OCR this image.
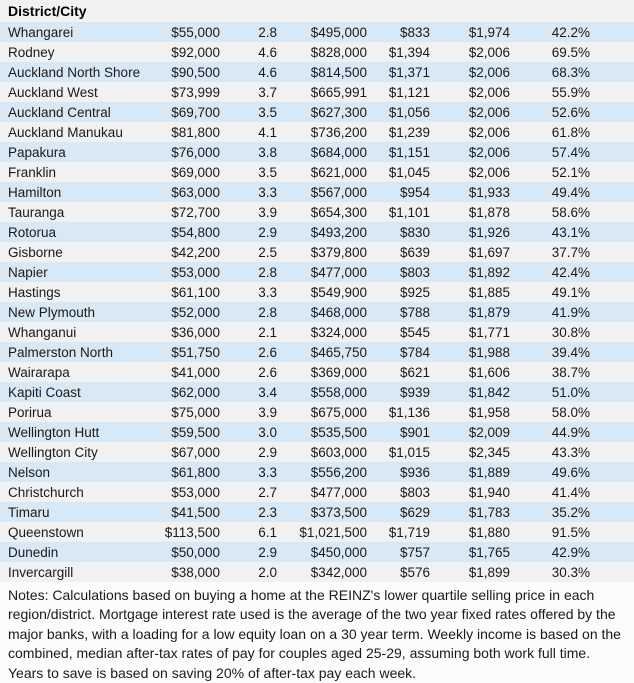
District/City							
Whangarei	$55,000	2.8	$495,000	$833	$1,974	42.2%	
Rodney	$92,000	4.6	$828,000	$1,394	$2,006	69.5%	
Auckland North Shore	$90,500	4.6	$814,500	$1,371	$2,006	68.3%	
Auckland West	$73,999	3.7	$665,991	$1,121	$2,006	55.9%	
Auckland Central	$69,700	3.5	$627,300	$1,056	$2,006	52.6%	
Auckland Manukau	$81,800	4.1	$736,200	$1,239	$2,006	61.8%	
Papakura	$76,000	3.8	$684,000	$1,151	$2,006	57.4%	
Franklin	$69,000	3.5	$621,000	$1,045	$2,006	52.1%	
Hamilton	$63,000	3.3	$567,000	$954	$1,933	49.4%	
Tauranga	$72,700	3.9	$654,300	$1,101	$1,878	58.6%	
Rotorua	$54,800	2.9	$493,200	$830	$1,926	43.1%	
Gisborne	$42,200	2.5	$379,800	$639	$1,697	37.7%	
Napier	$53,000	2.8	$477,000	$803	$1,892	42.4%	
Hastings	$61,100	3.3	$549,900	$925	$1,885	49.1%	
New Plymouth	$52,000	2.8	$468,000	$788	$1,879	41.9%	
Whanganui	$36,000	2.1	$324,000	$545	$1,771	30.8%	
Palmerston North	$51,750	2.6	$465,750	$784	$1,988	39.4%	
Wairarapa	$41,000	2.6	$369,000	$621	$1,606	38.7%	
Kapiti Coast	$62,000	3.4	$558,000	$939	$1,842	51.0%	
Porirua	$75,000	3.9	$675,000	$1,136	$1,958	58.0%	
Wellington Hutt	$59,500	3.0	$535,500	$901	$2,009	44.9%	
Wellington City	$67,000	2.9	$603,000	$1,015	$2,345	43.3%	
Nelson	$61,800	3.3	$556,200	$936	$1,889	49.6%	
Christchurch	$53,000	2.7	$477,000	$803	$1,940	41.4%	
Timaru	$41,500	2.3	$373,500	$629	$1,783	35.2%	
Queenstown	$113,500	6.1	$1,021,500	$1,719	$1,880	91.5%	
Dunedin	$50,000	2.9	$450,000	$757	$1,765	42.9%	
Invercargill	$38,000	2.0	$342,000	$576	$1,899	30.3%	
Notes: Calculations based on buying a home at the REINZ's lower quartile selling price in each region/district. Mortgage interest rate used is the average of the two year fixed rates offered by the major banks, with a loading for a low equity loan on a 30 year term. Weekly income is based on the combined, median after-tax rates of pay for couples aged 25-29, assuming both work full time. Years to save is based on saving 20% of after-tax pay each week.
